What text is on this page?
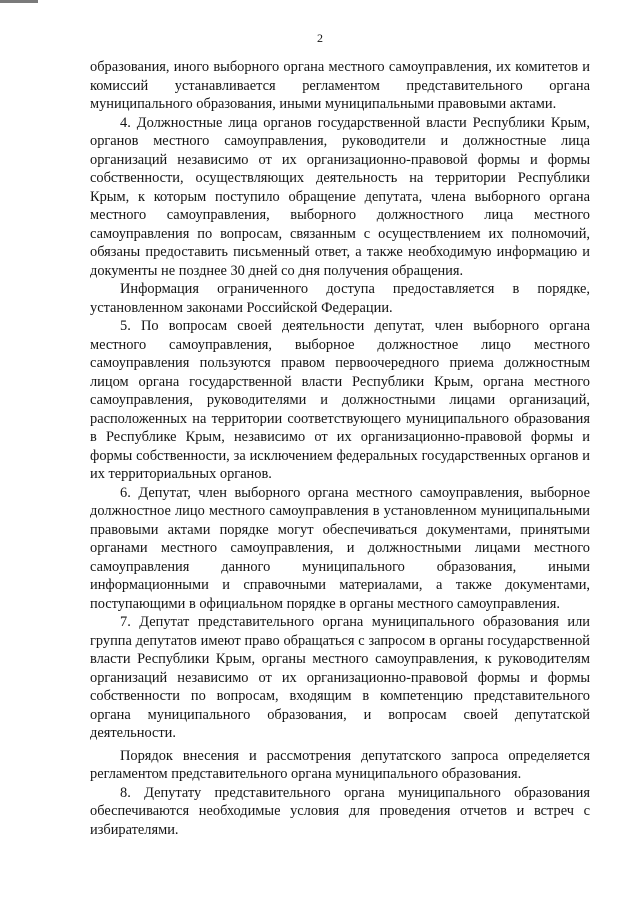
2

образования, иного выборного органа местного самоуправления, их комитетов и комиссий устанавливается регламентом представительного органа муниципального образования, иными муниципальными правовыми актами.

4. Должностные лица органов государственной власти Республики Крым, органов местного самоуправления, руководители и должностные лица организаций независимо от их организационно-правовой формы и формы собственности, осуществляющих деятельность на территории Республики Крым, к которым поступило обращение депутата, члена выборного органа местного самоуправления, выборного должностного лица местного самоуправления по вопросам, связанным с осуществлением их полномочий, обязаны предоставить письменный ответ, а также необходимую информацию и документы не позднее 30 дней со дня получения обращения.

Информация ограниченного доступа предоставляется в порядке, установленном законами Российской Федерации.

5. По вопросам своей деятельности депутат, член выборного органа местного самоуправления, выборное должностное лицо местного самоуправления пользуются правом первоочередного приема должностным лицом органа государственной власти Республики Крым, органа местного самоуправления, руководителями и должностными лицами организаций, расположенных на территории соответствующего муниципального образования в Республике Крым, независимо от их организационно-правовой формы и формы собственности, за исключением федеральных государственных органов и их территориальных органов.

6. Депутат, член выборного органа местного самоуправления, выборное должностное лицо местного самоуправления в установленном муниципальными правовыми актами порядке могут обеспечиваться документами, принятыми органами местного самоуправления, и должностными лицами местного самоуправления данного муниципального образования, иными информационными и справочными материалами, а также документами, поступающими в официальном порядке в органы местного самоуправления.

7. Депутат представительного органа муниципального образования или группа депутатов имеют право обращаться с запросом в органы государственной власти Республики Крым, органы местного самоуправления, к руководителям организаций независимо от их организационно-правовой формы и формы собственности по вопросам, входящим в компетенцию представительного органа муниципального образования, и вопросам своей депутатской деятельности.

Порядок внесения и рассмотрения депутатского запроса определяется регламентом представительного органа муниципального образования.

8. Депутату представительного органа муниципального образования обеспечиваются необходимые условия для проведения отчетов и встреч с избирателями.
